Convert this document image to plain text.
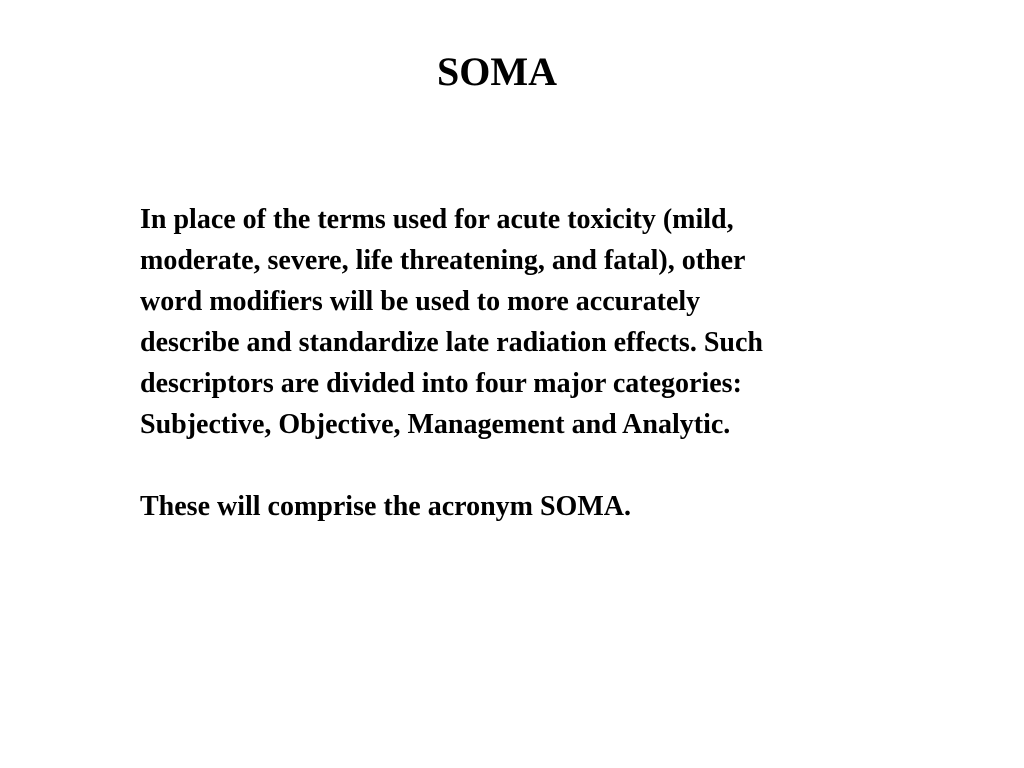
SOMA

In place of the terms used for acute toxicity (mild,
moderate, severe, life threatening, and fatal), other
word modifiers will be used to more accurately
describe and standardize late radiation effects. Such
descriptors are divided into four major categories:
Subjective, Objective, Management and Analytic.

These will comprise the acronym SOMA.
